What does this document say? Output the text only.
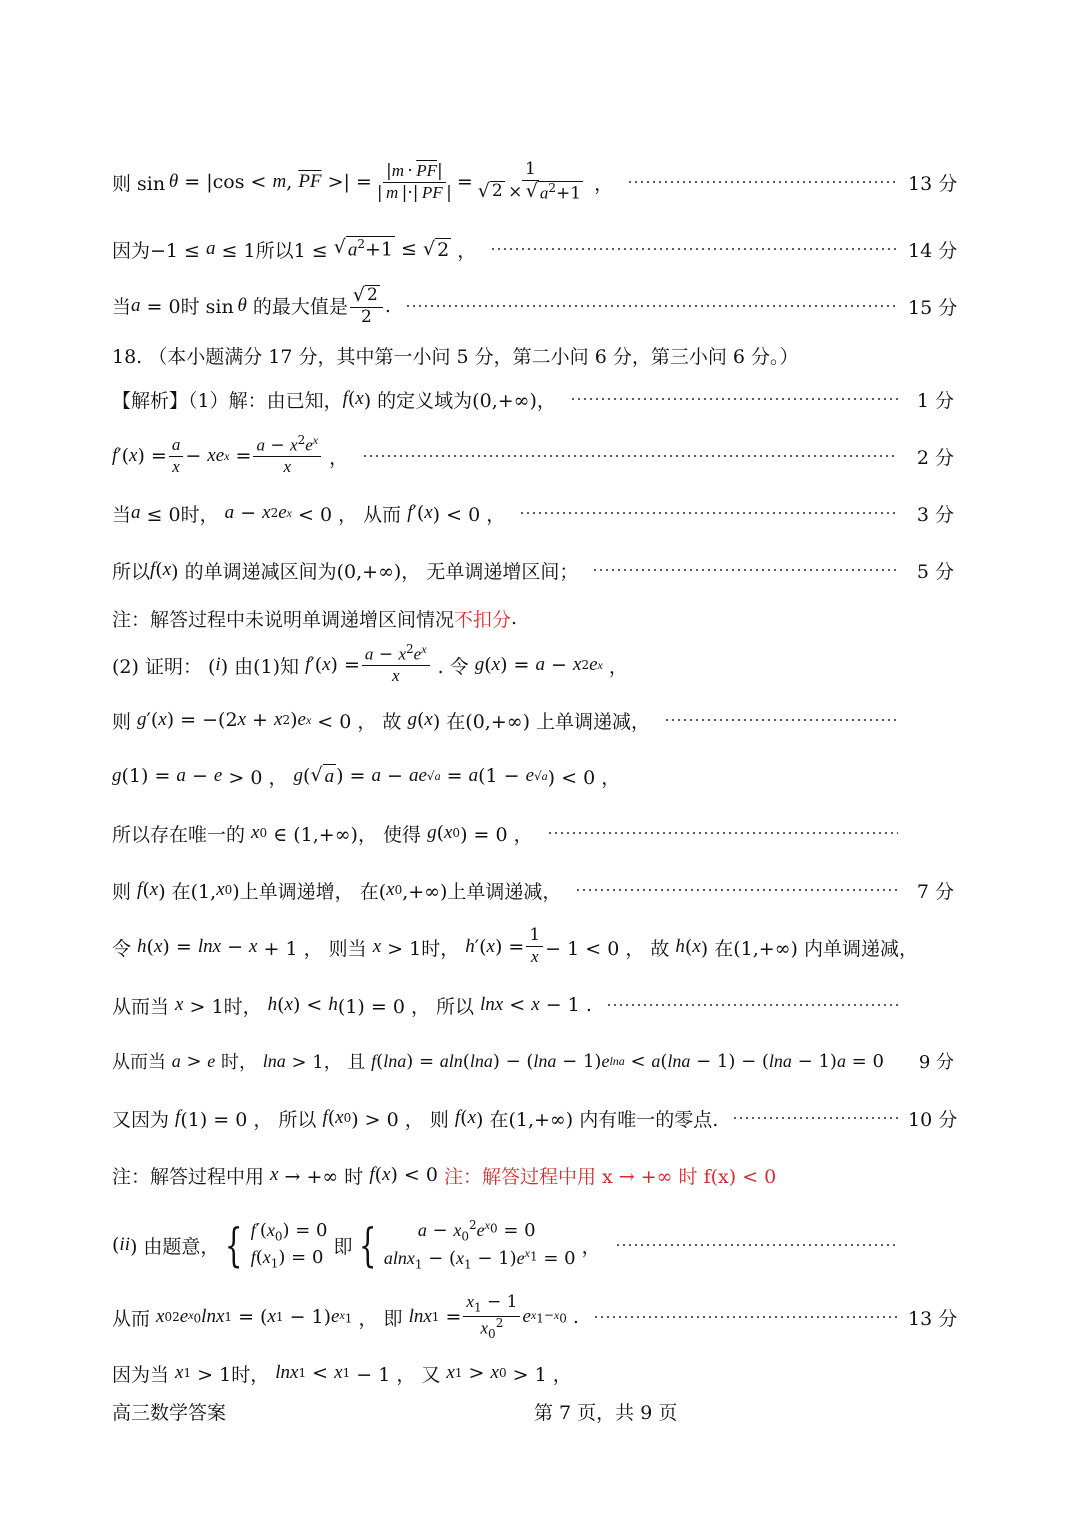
则 sin  θ = |cos < m , $\overline{PF}$ >| = $\frac{|m \cdot \overline{PF}|}{| m |\cdot| \overline{PF} |} = \frac{1}{√ 2 \times √ a^2+1}$ ，	13 分
因为−1 ≤ a ≤ 1所以1 ≤ √ $a^2+1$ ≤ √ 2 ，	14 分
当 a = 0时 sin  θ 的最大值是 $\frac{√ 2}{2}$ .	15 分
18. （本小题满分 17 分，其中第一小问 5 分，第二小问 6 分，第三小问 6 分。）
【解析】（1）解：由已知， f ( x ) 的定义域为(0,+∞)，	1 分
f ′( x ) = $\frac{a}{x}$ − xe $x = \frac{a - x^2e^x}{x}$ ，	2 分
当 a ≤ 0时， a − x 2 e x < 0 ， 从而 f ′( x ) < 0 ，	3 分
所以 f ( x ) 的单调递减区间为(0,+∞)， 无单调递增区间；	5 分
注：解答过程中未说明单调递增区间情况 不扣分 .
(2) 证明： ( i ) 由(1)知 f ′( x ) = $\frac{a - x^2e^x}{x}$ . 令 g ( x ) = a − x 2 e x ，
则 g ′( x ) = −(2 x + x 2 ) e x < 0 ， 故 g ( x ) 在(0,+∞) 上单调递减，
g (1) = a − e > 0 ， g ( √ a ) = a − ae √a = a (1 − e √a ) < 0 ，
所以存在唯一的 x 0 ∈ (1,+∞)， 使得 g ( x 0 ) = 0 ，
则 f ( x ) 在(1, x 0 )上单调递增， 在( x 0 ,+∞)上单调递减，	7 分
令 h ( x ) = lnx − x + 1 ， 则当 x > 1时， h ′( x ) = $\frac{1}{x} - 1 < 0$ ， 故 h ( x ) 在(1,+∞) 内单调递减，
从而当 x > 1时， h ( x ) < h (1) = 0 ， 所以 lnx < x − 1 .
从而当 a > e 时， lna > 1， 且 f ( lna ) = aln ( lna ) − ( lna − 1) e lna < a ( lna − 1) − ( lna − 1) a = 0	9 分
又因为 f (1) = 0 ， 所以 f ( x 0 ) > 0 ， 则 f ( x ) 在(1,+∞) 内有唯一的零点.	10 分
注：解答过程中用 x → +∞ 时 f ( x ) < 0 注：解答过程中用 x → +∞ 时 f(x) < 0
( ii ) 由题意， { $f'(x_0) = 0$
$f(x_1) = 0$ 即 {	$a - x_0^2e^{x_0} = 0$
$alnx_1 - (x_1 - 1)e^{x_1} = 0$
，
从而 x 0 2 e $x_0$ lnx 1 = ( x 1 − 1) e $x_1$ ， 即 lnx $1 = \frac{x_1 - 1}{x_0^2}$ e $x_1-x_0$ .	13 分
因为当 x 1 > 1时， lnx 1 < x 1 − 1 ， 又 x 1 > x 0 > 1 ，
高三数学答案	第 7 页，共 9 页
